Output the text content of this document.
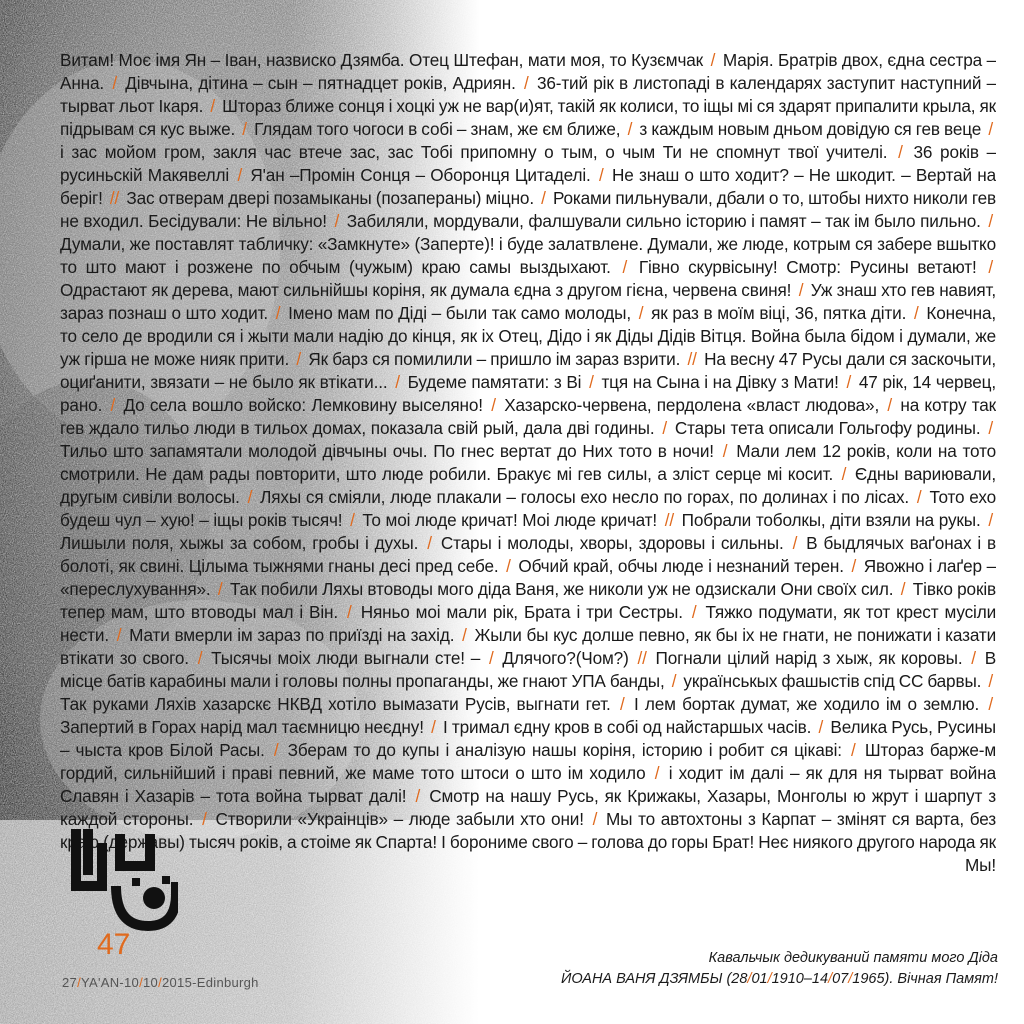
Витам! Моє імя Ян – Іван, назвиско Дзямба. Отец Штефан, мати моя, то Кузємчак / Марія. Братрів двох, єдна сестра – Анна. / Дівчына, дітина – сын – пятнадцет років, Адриян. / 36-тий рік в листопаді в календарях заступит наступний – тырват льот Ікаря. / Штораз ближе сонця і хоцкі уж не вар(и)ят, такій як колиси, то іщы мі ся здарят припалити крыла, як підрывам ся кус выже. / Глядам того чогоси в собі – знам, же єм ближе, / з каждым новым дньом довідую ся гев веце / і зас мойом гром, закля час втече зас, зас Тобі припомну о тым, о чым Ти не спомнут твої учителі. / 36 років – русиньскій Макявеллі / Я'ан –Промін Сонця – Оборонця Цитаделі. / Не знаш о што ходит? – Не шкодит. – Вертай на беріг! // Зас отверам двері позамыканы (позаперaны) міцно. / Роками пильнували, дбали о то, штобы нихто николи гев не входил. Бесідували: Не вільно! / Забиляли, мордували, фалшували сильно історию і памят – так ім было пильно. / Думали, же поставлят табличку: «Замкнуте» (Заперте)! і буде залатвлене. Думали, же люде, котрым ся забере вшытко то што мают і розжене по обчым (чужым) краю самы выздыхают. / Гівно скурвісыну! Смотр: Русины ветают! / Одрастают як дерева, мают сильнійшы коріня, як думала єдна з другом гієна, червена свиня! / Уж знаш хто гев навият, зараз познаш о што ходит. / Імено мам по Діді – были так само молоды, / як раз в моїм віці, 36, пятка діти. / Конечна, то село де вродили ся і жыти мали надію до кінця, як іх Отец, Дідо і як Діды Дідів Вітця. Война была бідом і думали, же уж гірша не може нияк прити. / Як барз ся помилили – пришло ім зараз взрити. // На весну 47 Русы дали ся заскочыти, оциґанити, звязати – не было як втікати... / Будеме памятати: з Ві / тця на Сына і на Дівку з Мати! / 47 рік, 14 червец, рано. / До села вошло войско: Лемковину выселяно! / Хазарско-червена, пердолена «власт людова», / на котру так гев ждало тильо люди в тильох домах, показала свій рый, дала дві годины. / Стары тета описали Гольгофу родины. / Тильо што запамятали молодой дівчыны очы. По гнес вертат до Них тото в ночи! / Мали лем 12 років, коли на тото смотрили. Не дам рады повторити, што люде робили. Бракує мі гев силы, а зліст серце мі косит. / Єдны вариювали, другым сивіли волосы. / Ляхы ся сміяли, люде плакали – голосы ехо несло по горах, по долинах і по лісах. / Тото ехо будеш чул – хую! – іщы років тысяч! / То моі люде кричат! Моі люде кричат! // Побрали тоболкы, діти взяли на рукы. / Лишыли поля, хыжы за собом, гробы і духы. / Стары і молоды, хворы, здоровы і сильны. / В быдлячых ваґонах і в болоті, як свині. Цілыма тыжнями гнаны десі пред себе. / Обчий край, обчы люде і незнаний терен. / Явожно і лаґер – «переслухування». / Так побили Ляхы втоводы мого діда Ваня, же николи уж не одзискали Они своїх сил. / Тівко років тепер мам, што втоводы мал і Він. / Няньо моі мали рік, Брата і три Сестры. / Тяжко подумати, як тот крест мусіли нести. / Мати вмерли ім зараз по приїзді на захід. / Жыли бы кус долше певно, як бы іх не гнати, не понижати і казати втікати зо свого. / Тысячы моіх люди выгнали сте! – / Длячого?(Чом?) // Погнали цілий нарід з хыж, як коровы. / В місце батів карабины мали і головы полны пропаганды, же гнают УПА банды, / українськых фашыстів спід СС барвы. / Так руками Ляхів хазарскє НКВД хотіло вымазати Русів, выгнати гет. / І лем бортак думат, же ходило ім о землю. / Запертий в Горах нарід мал таємницю неєдну! / І тримал єдну кров в собі од найстаршых часів. / Велика Русь, Русины – чыста кров Білой Расы. / Зберам то до купы і аналізую нашы коріня, історию і робит ся цікаві: / Штораз барже-м гордий, сильнійший і праві певний, же маме тото штоси о што ім ходило / і ходит ім далі – як для ня тырват война Славян і Хазарів – тота война тырват далі! / Смотр на нашу Русь, як Крижакы, Хазары, Монголы ю жрут і шарпут з каждой стороны. / Створили «Украінців» – люде забыли хто они! / Мы то автохтоны з Карпат – змінят ся варта, без краю (державы) тысяч років, а стоіме як Спарта! І борониме свого – голова до горы Брат! Неє ниякого другого народа як Мы!

47
27/YA'AN-10/10/2015-Edinburgh
Кавальчык дедикуваний памяти мого Діда
ЙОАНА ВАНЯ ДЗЯМБЫ (28/01/1910–14/07/1965). Вічная Памят!
